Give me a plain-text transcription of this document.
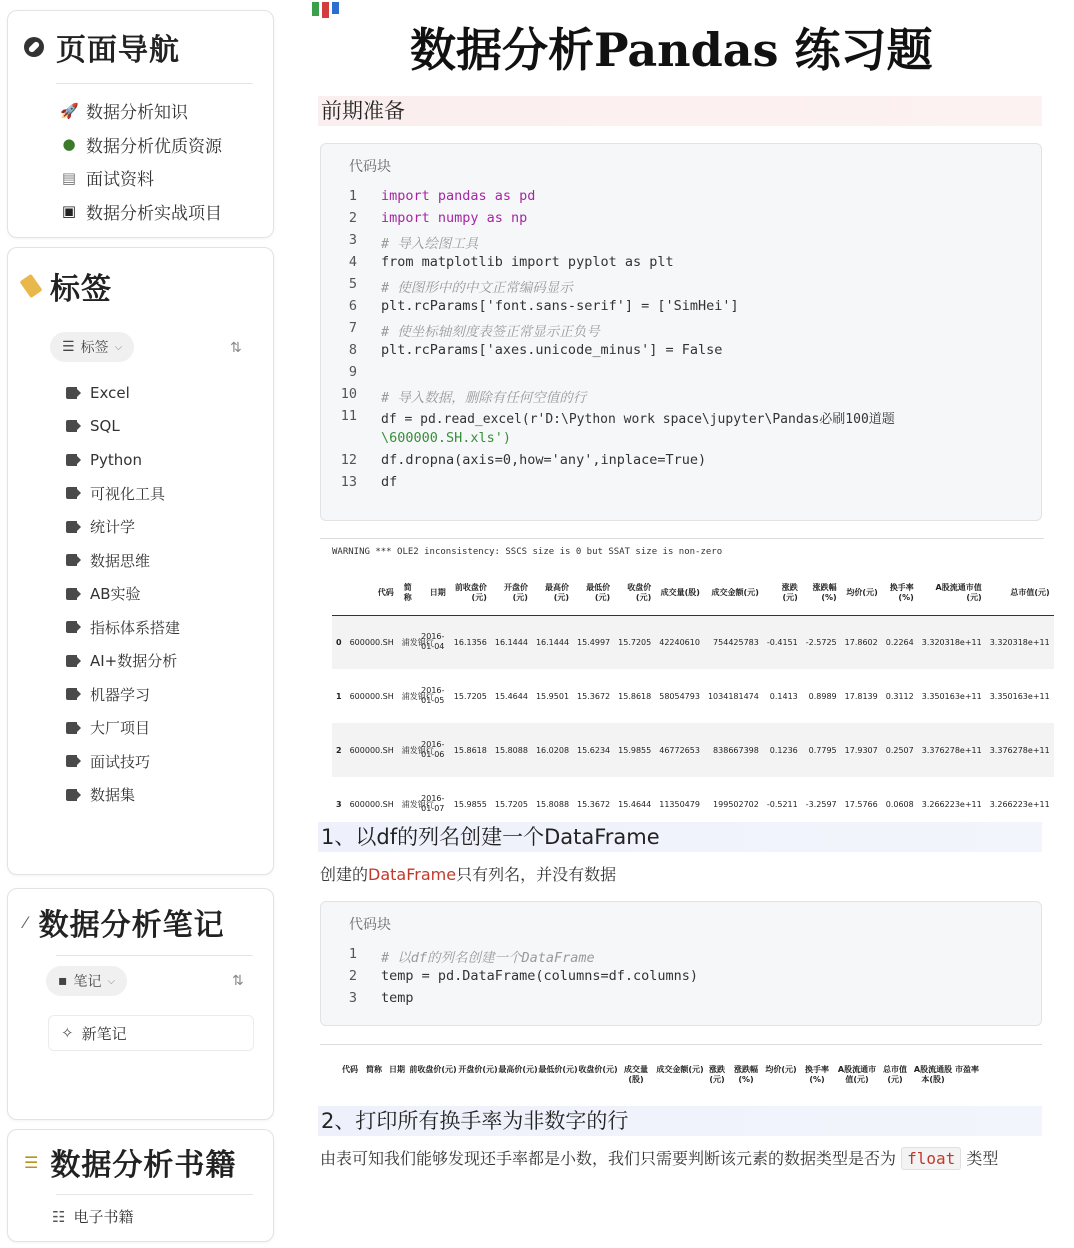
页面导航
🚀 数据分析知识
● 数据分析优质资源
▤ 面试资料
▣ 数据分析实战项目
标签
☰ 标签 ⌵	⇅
Excel
SQL
Python
可视化工具
统计学
数据思维
AB实验
指标体系搭建
AI+数据分析
机器学习
大厂项目
面试技巧
数据集
⁄ 数据分析笔记
▪ 笔记 ⌵	⇅
✧ 新笔记
☰ 数据分析书籍
☷ 电子书籍
数据分析Pandas 练习题
前期准备
代码块
1
2
3
4
5
6
7
8
9
10
11
12
13
import pandas as pd
import numpy as np
# 导入绘图工具
from matplotlib import pyplot as plt
# 使图形中的中文正常编码显示
plt.rcParams['font.sans-serif'] = ['SimHei']
# 使坐标轴刻度表签正常显示正负号
plt.rcParams['axes.unicode_minus'] = False
# 导入数据，删除有任何空值的行
df = pd.read_excel(r'D:\Python work space\jupyter\Pandas必刷100道题
\600000.SH.xls')
df.dropna(axis=0,how='any',inplace=True)
df
WARNING *** OLE2 inconsistency: SSCS size is 0 but SSAT size is non-zero
	代码	简称	日期	前收盘价(元)	开盘价(元)	最高价(元)	最低价(元)	收盘价(元)	成交量(股)	成交金额(元)	涨跌(元)	涨跌幅(%)	均价(元)	换手率(%)	A股流通市值(元)	总市值(元)
0	600000.SH	浦发银行	2016-01-04	16.1356	16.1444	16.1444	15.4997	15.7205	42240610	754425783	-0.4151	-2.5725	17.8602	0.2264	3.320318e+11	3.320318e+11
1	600000.SH	浦发银行	2016-01-05	15.7205	15.4644	15.9501	15.3672	15.8618	58054793	1034181474	0.1413	0.8989	17.8139	0.3112	3.350163e+11	3.350163e+11
2	600000.SH	浦发银行	2016-01-06	15.8618	15.8088	16.0208	15.6234	15.9855	46772653	838667398	0.1236	0.7795	17.9307	0.2507	3.376278e+11	3.376278e+11
3	600000.SH	浦发银行	2016-01-07	15.9855	15.7205	15.8088	15.3672	15.4644	11350479	199502702	-0.5211	-3.2597	17.5766	0.0608	3.266223e+11	3.266223e+11
1、以df的列名创建一个DataFrame
创建的DataFrame只有列名，并没有数据
代码块
1
2
3
# 以df的列名创建一个DataFrame
temp = pd.DataFrame(columns=df.columns)
temp
代码	简称 日期 前收盘价(元) 开盘价(元) 最高价(元) 最低价(元) 收盘价(元) 成交量(股)
成交金额(元) 涨跌(元)
涨跌幅(%)
均价(元)	换手率(%)
A股流通市值(元)
总市值(元)
A股流通股本(股)
市盈率
2、打印所有换手率为非数字的行
由表可知我们能够发现还手率都是小数，我们只需要判断该元素的数据类型是否为 float 类型
